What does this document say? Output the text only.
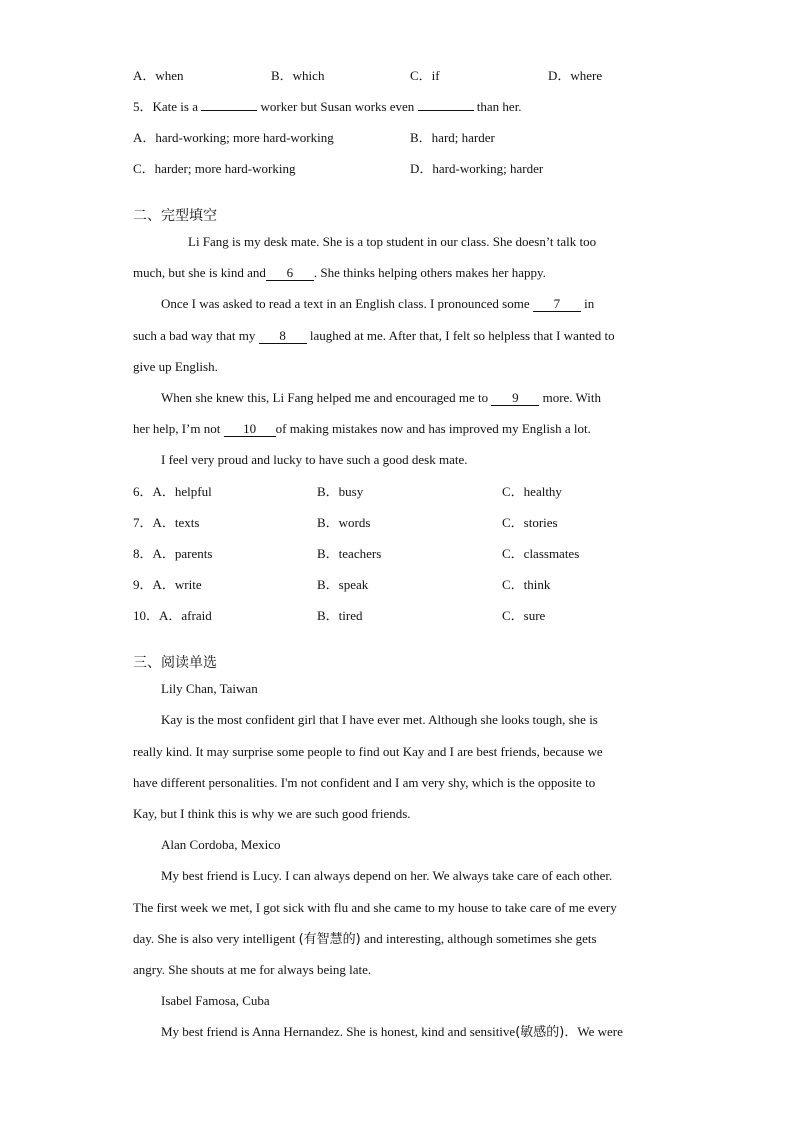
A．when	B．which	C．if	D．where
5．Kate is a	worker but Susan works even	than her.
A．hard-working; more hard-working	B．hard; harder
C．harder; more hard-working	D．hard-working; harder
二、完型填空
Li Fang is my desk mate. She is a top student in our class. She doesn’t talk too
much, but she is kind and 6 . She thinks helping others makes her happy.
Once I was asked to read a text in an English class. I pronounced some 7 in
such a bad way that my 8 laughed at me. After that, I felt so helpless that I wanted to
give up English.
When she knew this, Li Fang helped me and encouraged me to 9 more. With
her help, I’m not 10 of making mistakes now and has improved my English a lot.
I feel very proud and lucky to have such a good desk mate.
6．A．helpful	B．busy	C．healthy
7．A．texts	B．words	C．stories
8．A．parents	B．teachers	C．classmates
9．A．write	B．speak	C．think
10．A．afraid	B．tired	C．sure
三、阅读单选
Lily Chan, Taiwan
Kay is the most confident girl that I have ever met. Although she looks tough, she is
really kind. It may surprise some people to find out Kay and I are best friends, because we
have different personalities. I'm not confident and I am very shy, which is the opposite to
Kay, but I think this is why we are such good friends.
Alan Cordoba, Mexico
My best friend is Lucy. I can always depend on her. We always take care of each other.
The first week we met, I got sick with flu and she came to my house to take care of me every
day. She is also very intelligent (有智慧的) and interesting, although sometimes she gets
angry. She shouts at me for always being late.
Isabel Famosa, Cuba
My best friend is Anna Hernandez. She is honest, kind and sensitive(敏感的)．We were
